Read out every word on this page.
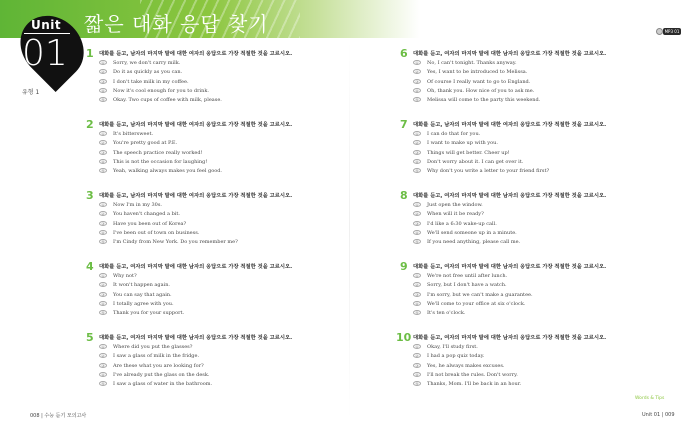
Unit
01
짧은 대화 응답 찾기	MP3 01
유형 1
1 대화를 듣고, 남자의 마지막 말에 대한 여자의 응답으로 가장 적절한 것을 고르시오.
① Sorry, we don't carry milk.
② Do it as quickly as you can.
③ I don't take milk in my coffee.
④ Now it's cool enough for you to drink.
⑤ Okay. Two cups of coffee with milk, please.
2 대화를 듣고, 남자의 마지막 말에 대한 여자의 응답으로 가장 적절한 것을 고르시오.
① It's bittersweet.
② You're pretty good at P.E.
③ The speech practice really worked!
④ This is not the occasion for laughing!
⑤ Yeah, walking always makes you feel good.
3 대화를 듣고, 남자의 마지막 말에 대한 여자의 응답으로 가장 적절한 것을 고르시오.
① Now I'm in my 30s.
② You haven't changed a bit.
③ Have you been out of Korea?
④ I've been out of town on business.
⑤ I'm Cindy from New York. Do you remember me?
4 대화를 듣고, 여자의 마지막 말에 대한 남자의 응답으로 가장 적절한 것을 고르시오.
① Why not?
② It won't happen again.
③ You can say that again.
④ I totally agree with you.
⑤ Thank you for your support.
5 대화를 듣고, 여자의 마지막 말에 대한 남자의 응답으로 가장 적절한 것을 고르시오.
① Where did you put the glasses?
② I saw a glass of milk in the fridge.
③ Are these what you are looking for?
④ I've already put the glass on the desk.
⑤ I saw a glass of water in the bathroom.
6 대화를 듣고, 여자의 마지막 말에 대한 남자의 응답으로 가장 적절한 것을 고르시오.
① No, I can't tonight. Thanks anyway.
② Yes, I want to be introduced to Melissa.
③ Of course I really want to go to England.
④ Oh, thank you. How nice of you to ask me.
⑤ Melissa will come to the party this weekend.
7 대화를 듣고, 남자의 마지막 말에 대한 여자의 응답으로 가장 적절한 것을 고르시오.
① I can do that for you.
② I want to make up with you.
③ Things will get better. Cheer up!
④ Don't worry about it. I can get over it.
⑤ Why don't you write a letter to your friend first?
8 대화를 듣고, 여자의 마지막 말에 대한 남자의 응답으로 가장 적절한 것을 고르시오.
① Just open the window.
② When will it be ready?
③ I'd like a 6:30 wake-up call.
④ We'll send someone up in a minute.
⑤ If you need anything, please call me.
9 대화를 듣고, 여자의 마지막 말에 대한 남자의 응답으로 가장 적절한 것을 고르시오.
① We're not free until after lunch.
② Sorry, but I don't have a watch.
③ I'm sorry, but we can't make a guarantee.
④ We'll come to your office at six o'clock.
⑤ It's ten o'clock.
10 대화를 듣고, 여자의 마지막 말에 대한 남자의 응답으로 가장 적절한 것을 고르시오.
① Okay, I'll study first.
② I had a pop quiz today.
③ Yes, he always makes excuses.
④ I'll not break the rules. Don't worry.
⑤ Thanks, Mom. I'll be back in an hour.
Words & Tips
008 | 수능 듣기 모의고사	Unit 01 | 009
